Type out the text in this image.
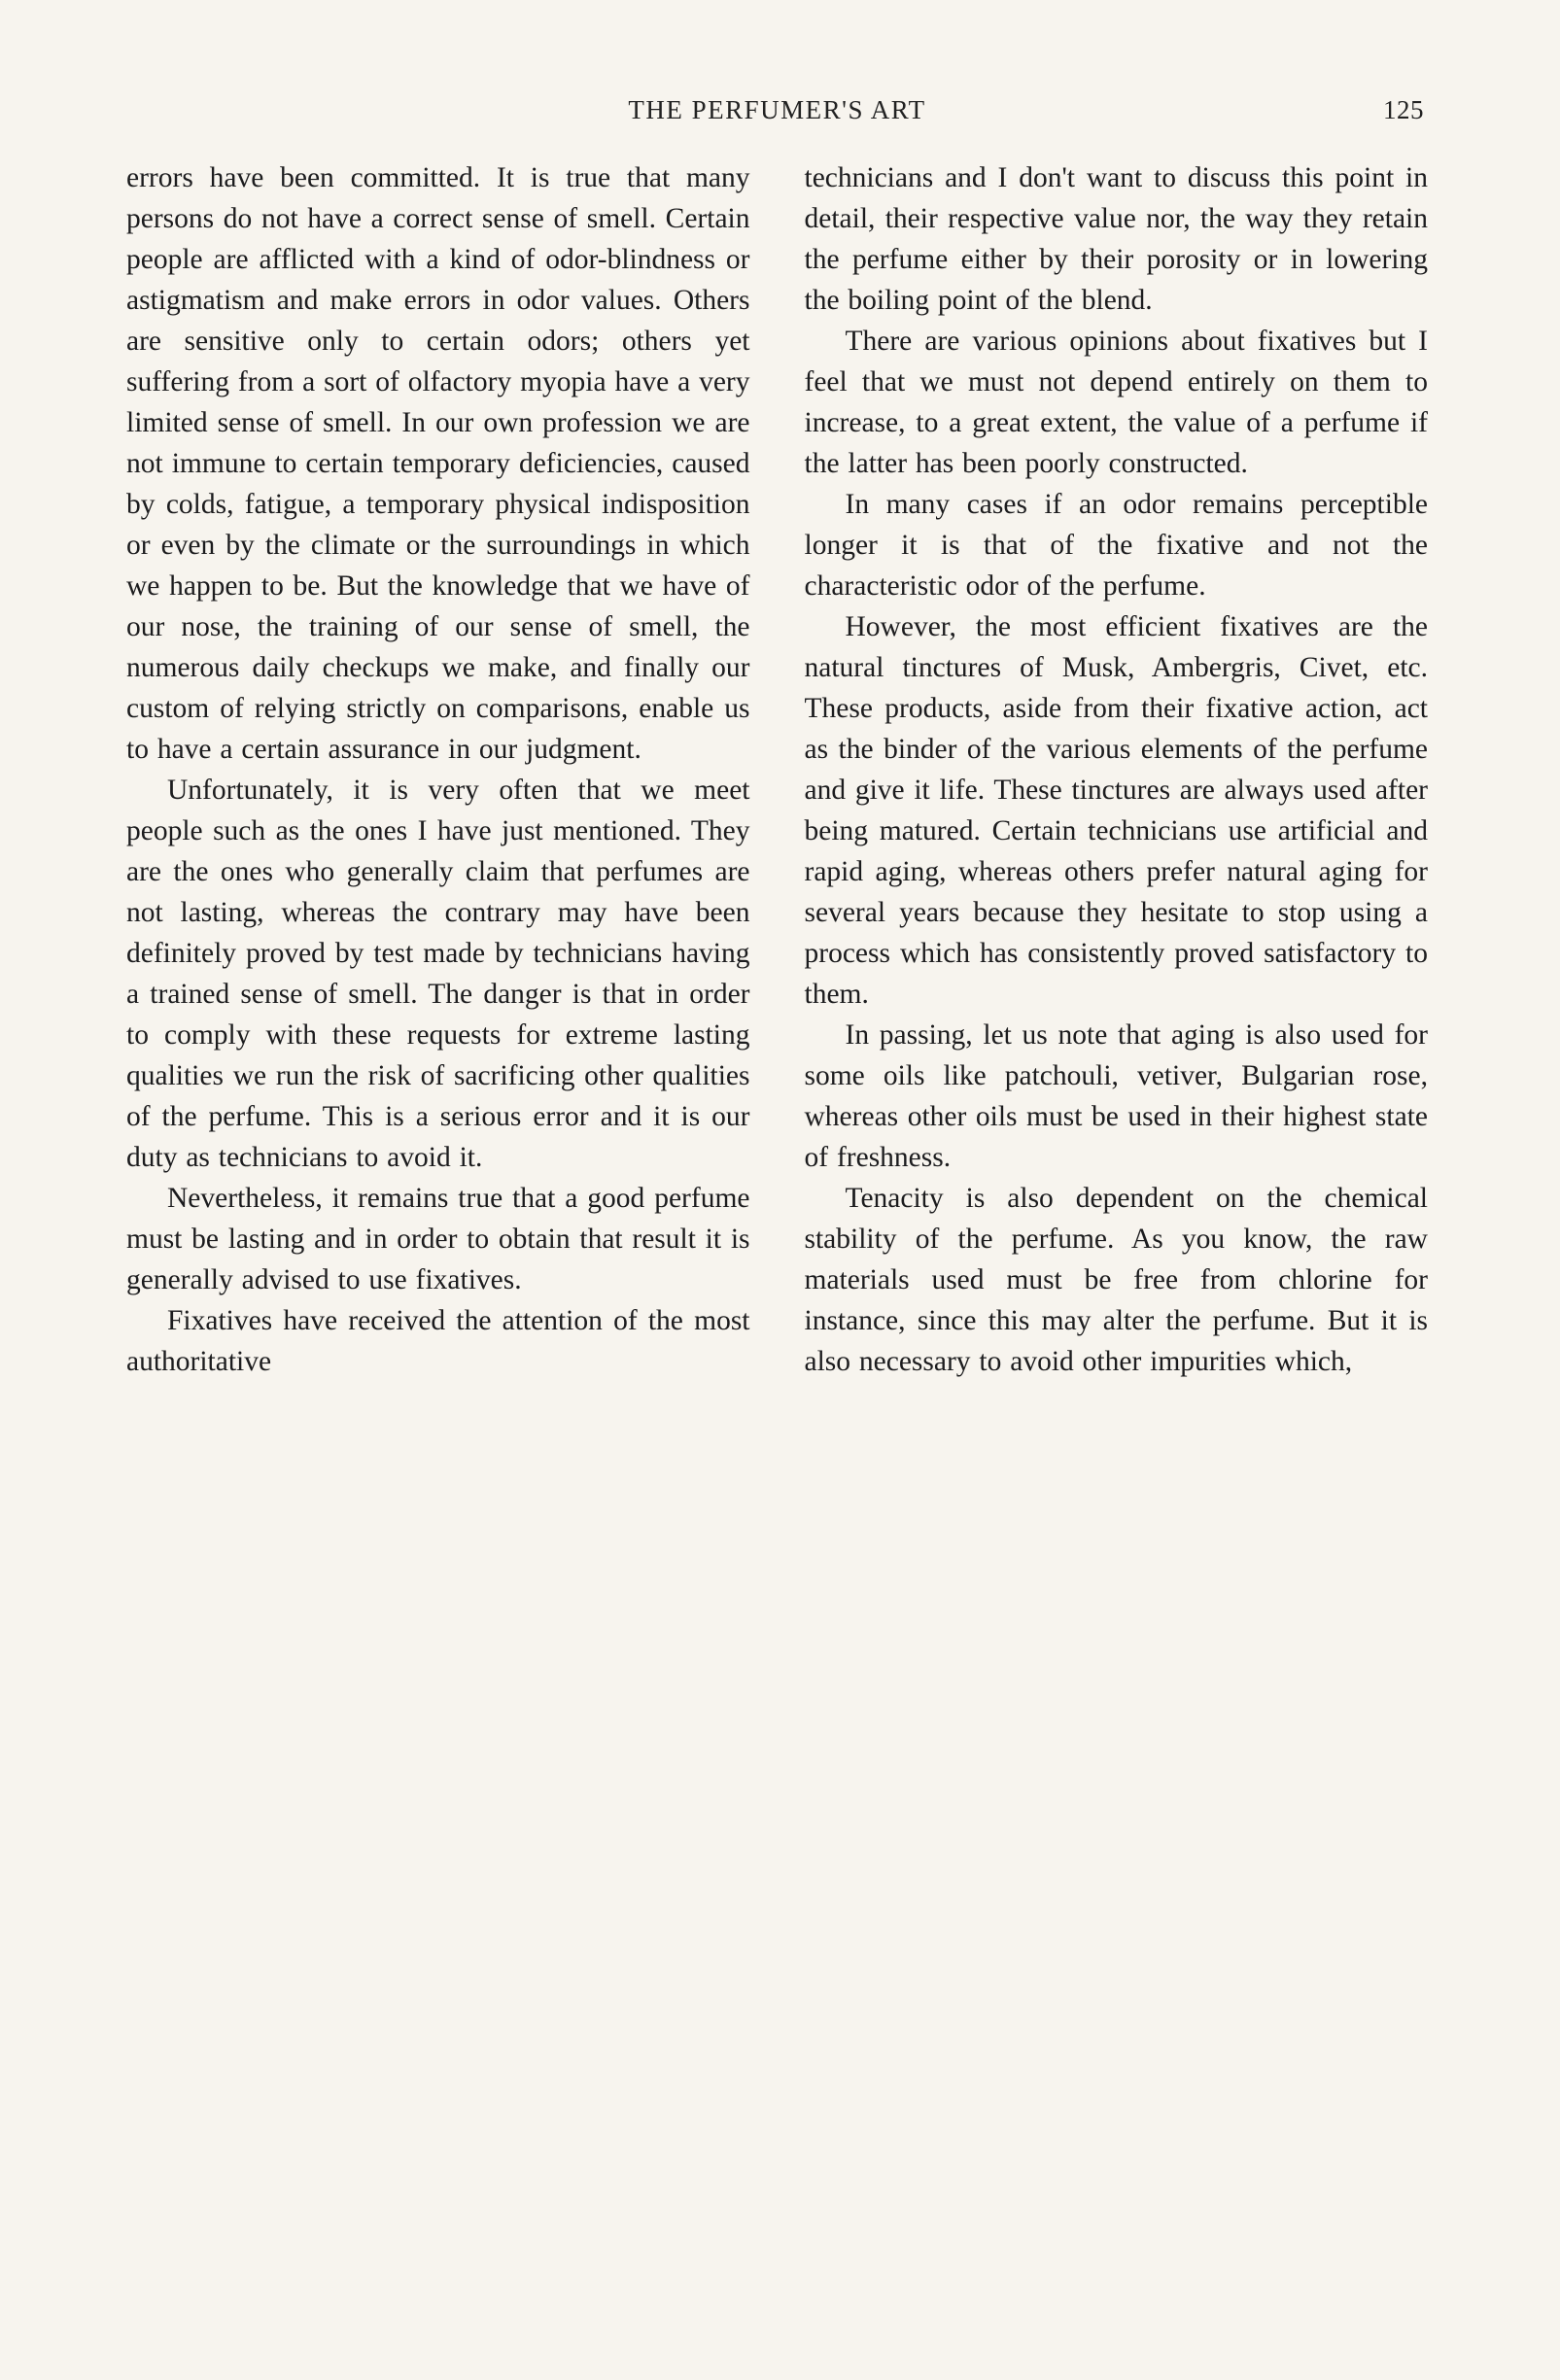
THE PERFUMER'S ART	125

errors have been committed. It is true that many persons do not have a correct sense of smell. Certain people are afflicted with a kind of odor-blindness or astigmatism and make errors in odor values. Others are sensitive only to certain odors; others yet suffering from a sort of olfactory myopia have a very limited sense of smell. In our own profession we are not immune to certain temporary deficiencies, caused by colds, fatigue, a temporary physical indisposition or even by the climate or the surroundings in which we happen to be. But the knowledge that we have of our nose, the training of our sense of smell, the numerous daily checkups we make, and finally our custom of relying strictly on comparisons, enable us to have a certain assurance in our judgment.

Unfortunately, it is very often that we meet people such as the ones I have just mentioned. They are the ones who generally claim that perfumes are not lasting, whereas the contrary may have been definitely proved by test made by technicians having a trained sense of smell. The danger is that in order to comply with these requests for extreme lasting qualities we run the risk of sacrificing other qualities of the perfume. This is a serious error and it is our duty as technicians to avoid it.

Nevertheless, it remains true that a good perfume must be lasting and in order to obtain that result it is generally advised to use fixatives.

Fixatives have received the attention of the most authoritative

technicians and I don't want to discuss this point in detail, their respective value nor, the way they retain the perfume either by their porosity or in lowering the boiling point of the blend.

There are various opinions about fixatives but I feel that we must not depend entirely on them to increase, to a great extent, the value of a perfume if the latter has been poorly constructed.

In many cases if an odor remains perceptible longer it is that of the fixative and not the characteristic odor of the perfume.

However, the most efficient fixatives are the natural tinctures of Musk, Ambergris, Civet, etc. These products, aside from their fixative action, act as the binder of the various elements of the perfume and give it life. These tinctures are always used after being matured. Certain technicians use artificial and rapid aging, whereas others prefer natural aging for several years because they hesitate to stop using a process which has consistently proved satisfactory to them.

In passing, let us note that aging is also used for some oils like patchouli, vetiver, Bulgarian rose, whereas other oils must be used in their highest state of freshness.

Tenacity is also dependent on the chemical stability of the perfume. As you know, the raw materials used must be free from chlorine for instance, since this may alter the perfume. But it is also necessary to avoid other impurities which,
